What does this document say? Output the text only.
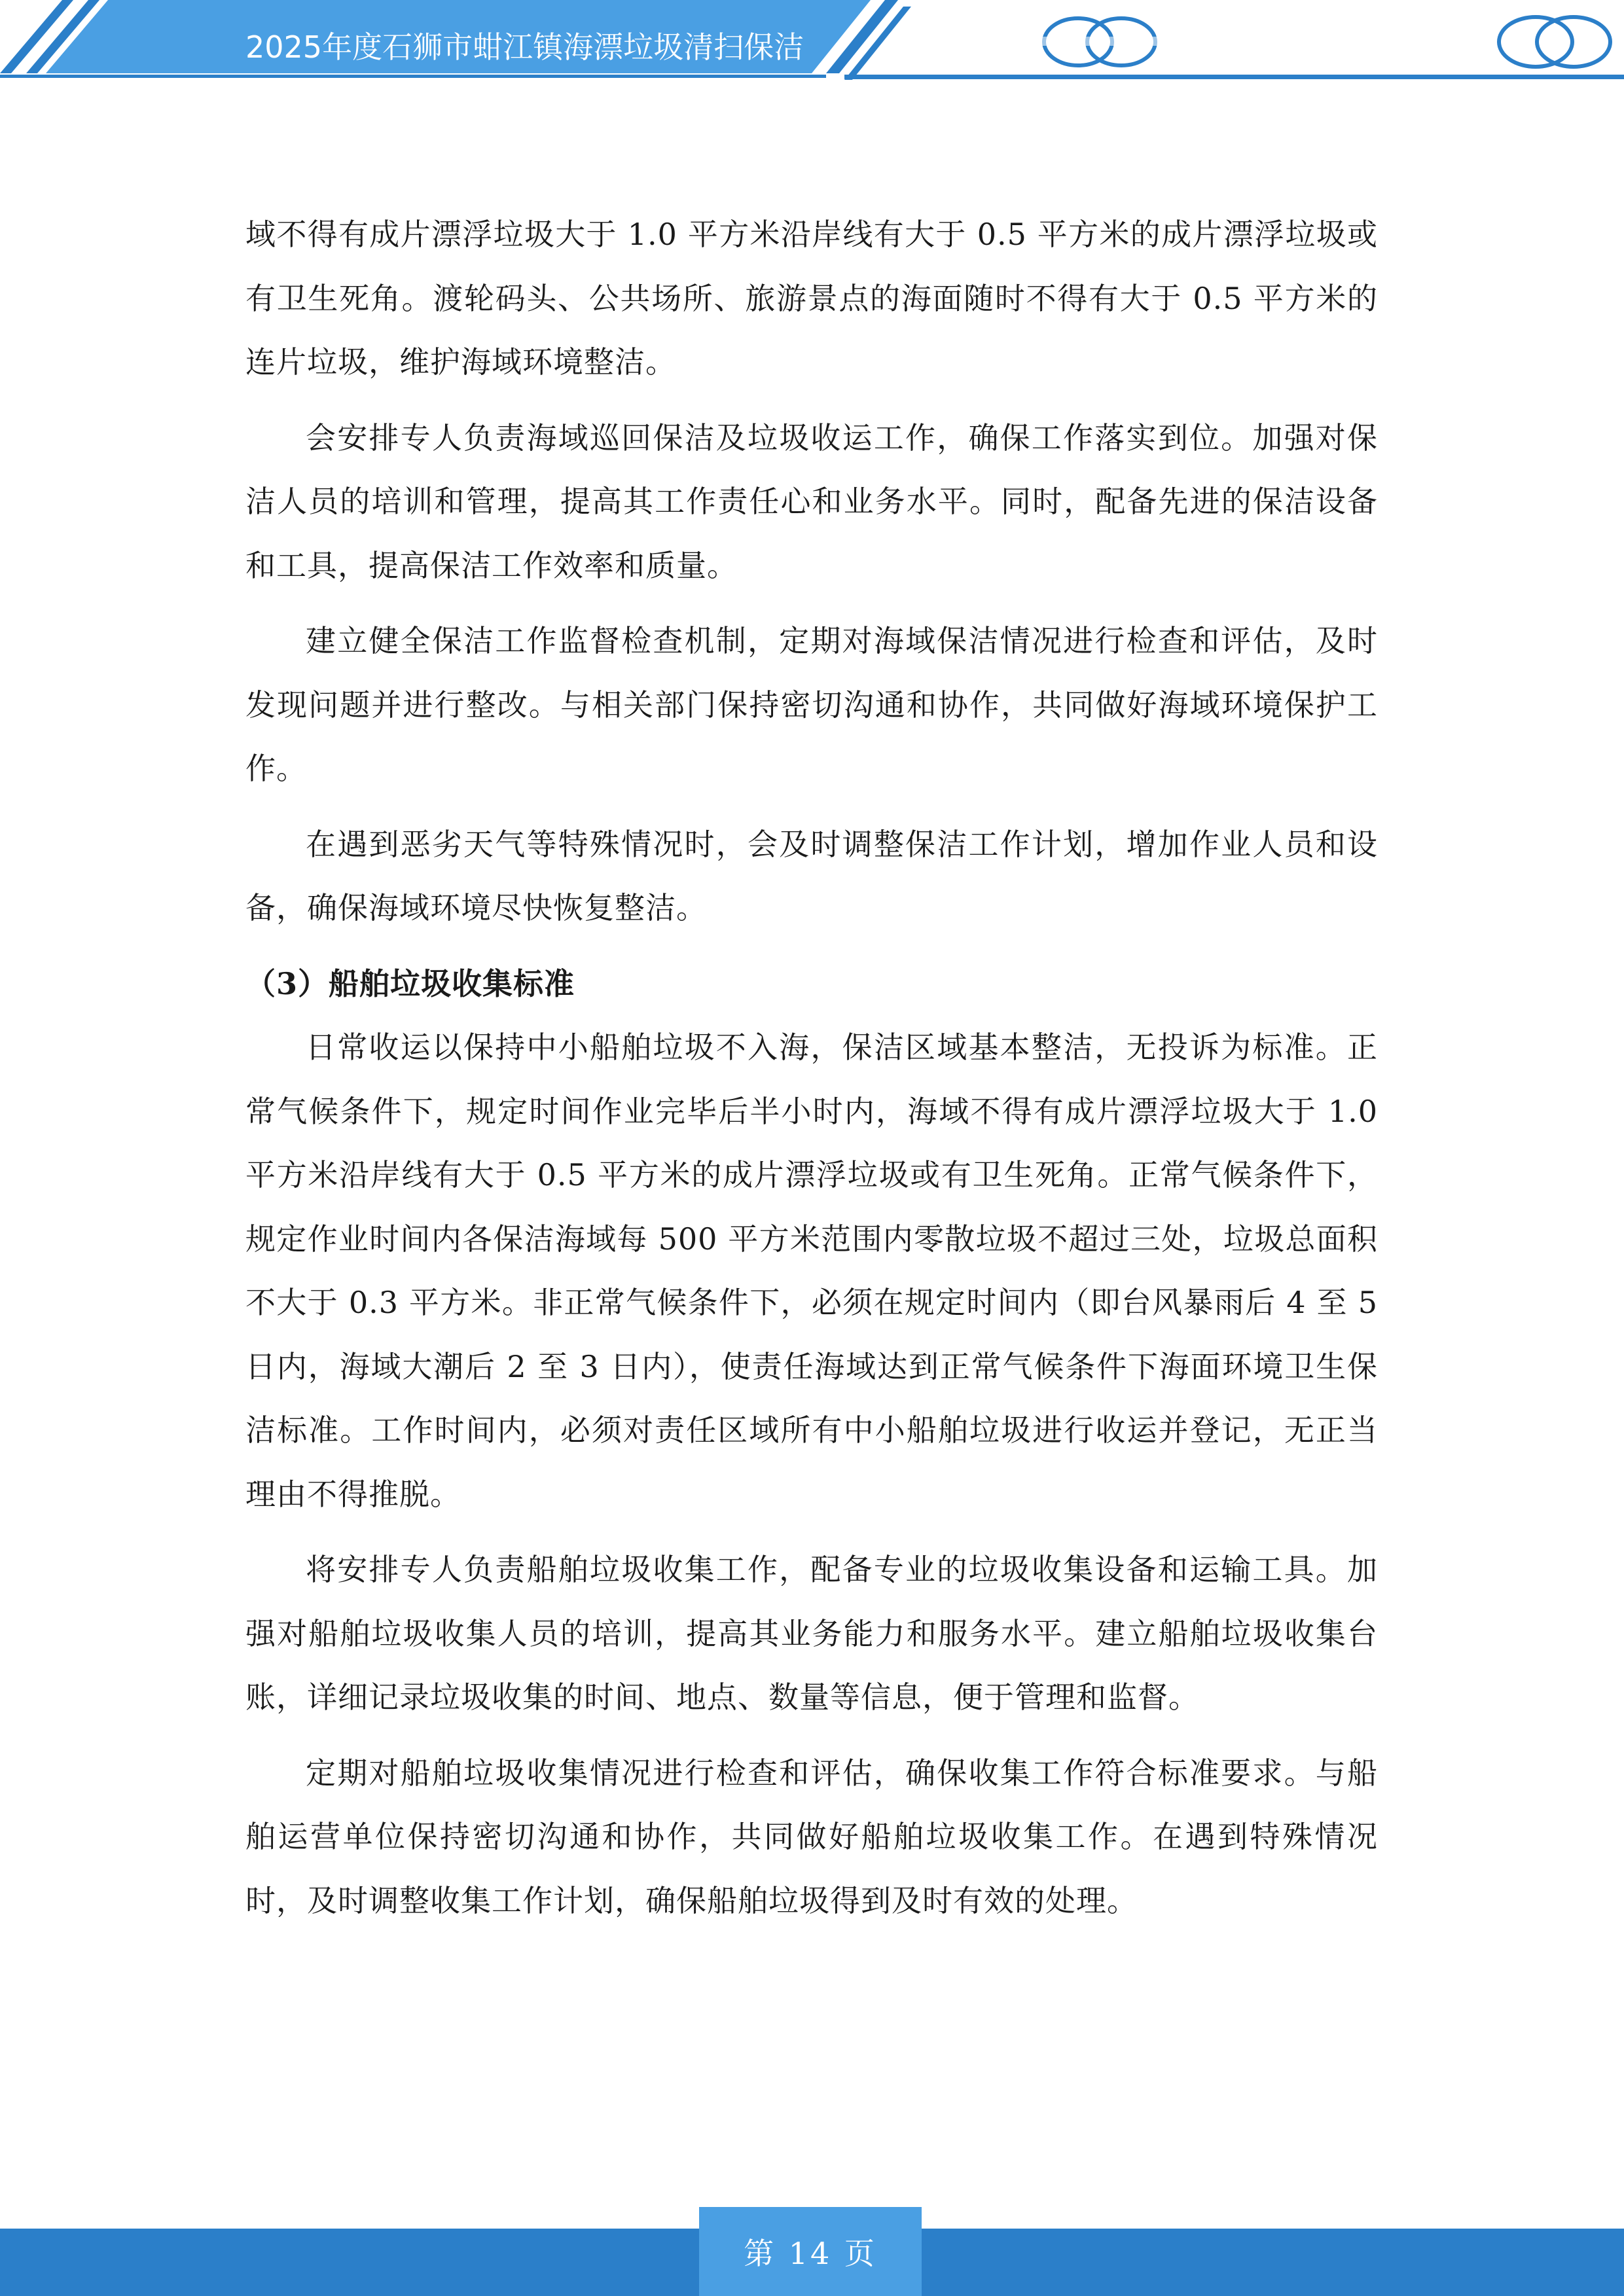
2025年度石狮市蚶江镇海漂垃圾清扫保洁

域不得有成片漂浮垃圾大于 1.0 平方米沿岸线有大于 0.5 平方米的成片漂浮垃圾或有卫生死角。渡轮码头、公共场所、旅游景点的海面随时不得有大于 0.5 平方米的连片垃圾，维护海域环境整洁。

会安排专人负责海域巡回保洁及垃圾收运工作，确保工作落实到位。加强对保洁人员的培训和管理，提高其工作责任心和业务水平。同时，配备先进的保洁设备和工具，提高保洁工作效率和质量。

建立健全保洁工作监督检查机制，定期对海域保洁情况进行检查和评估，及时发现问题并进行整改。与相关部门保持密切沟通和协作，共同做好海域环境保护工作。

在遇到恶劣天气等特殊情况时，会及时调整保洁工作计划，增加作业人员和设备，确保海域环境尽快恢复整洁。

（3）船舶垃圾收集标准

日常收运以保持中小船舶垃圾不入海，保洁区域基本整洁，无投诉为标准。正常气候条件下，规定时间作业完毕后半小时内，海域不得有成片漂浮垃圾大于 1.0 平方米沿岸线有大于 0.5 平方米的成片漂浮垃圾或有卫生死角。正常气候条件下，规定作业时间内各保洁海域每 500 平方米范围内零散垃圾不超过三处，垃圾总面积不大于 0.3 平方米。非正常气候条件下，必须在规定时间内（即台风暴雨后 4 至 5 日内，海域大潮后 2 至 3 日内），使责任海域达到正常气候条件下海面环境卫生保洁标准。工作时间内，必须对责任区域所有中小船舶垃圾进行收运并登记，无正当理由不得推脱。

将安排专人负责船舶垃圾收集工作，配备专业的垃圾收集设备和运输工具。加强对船舶垃圾收集人员的培训，提高其业务能力和服务水平。建立船舶垃圾收集台账，详细记录垃圾收集的时间、地点、数量等信息，便于管理和监督。

定期对船舶垃圾收集情况进行检查和评估，确保收集工作符合标准要求。与船舶运营单位保持密切沟通和协作，共同做好船舶垃圾收集工作。在遇到特殊情况时，及时调整收集工作计划，确保船舶垃圾得到及时有效的处理。

第 14 页
